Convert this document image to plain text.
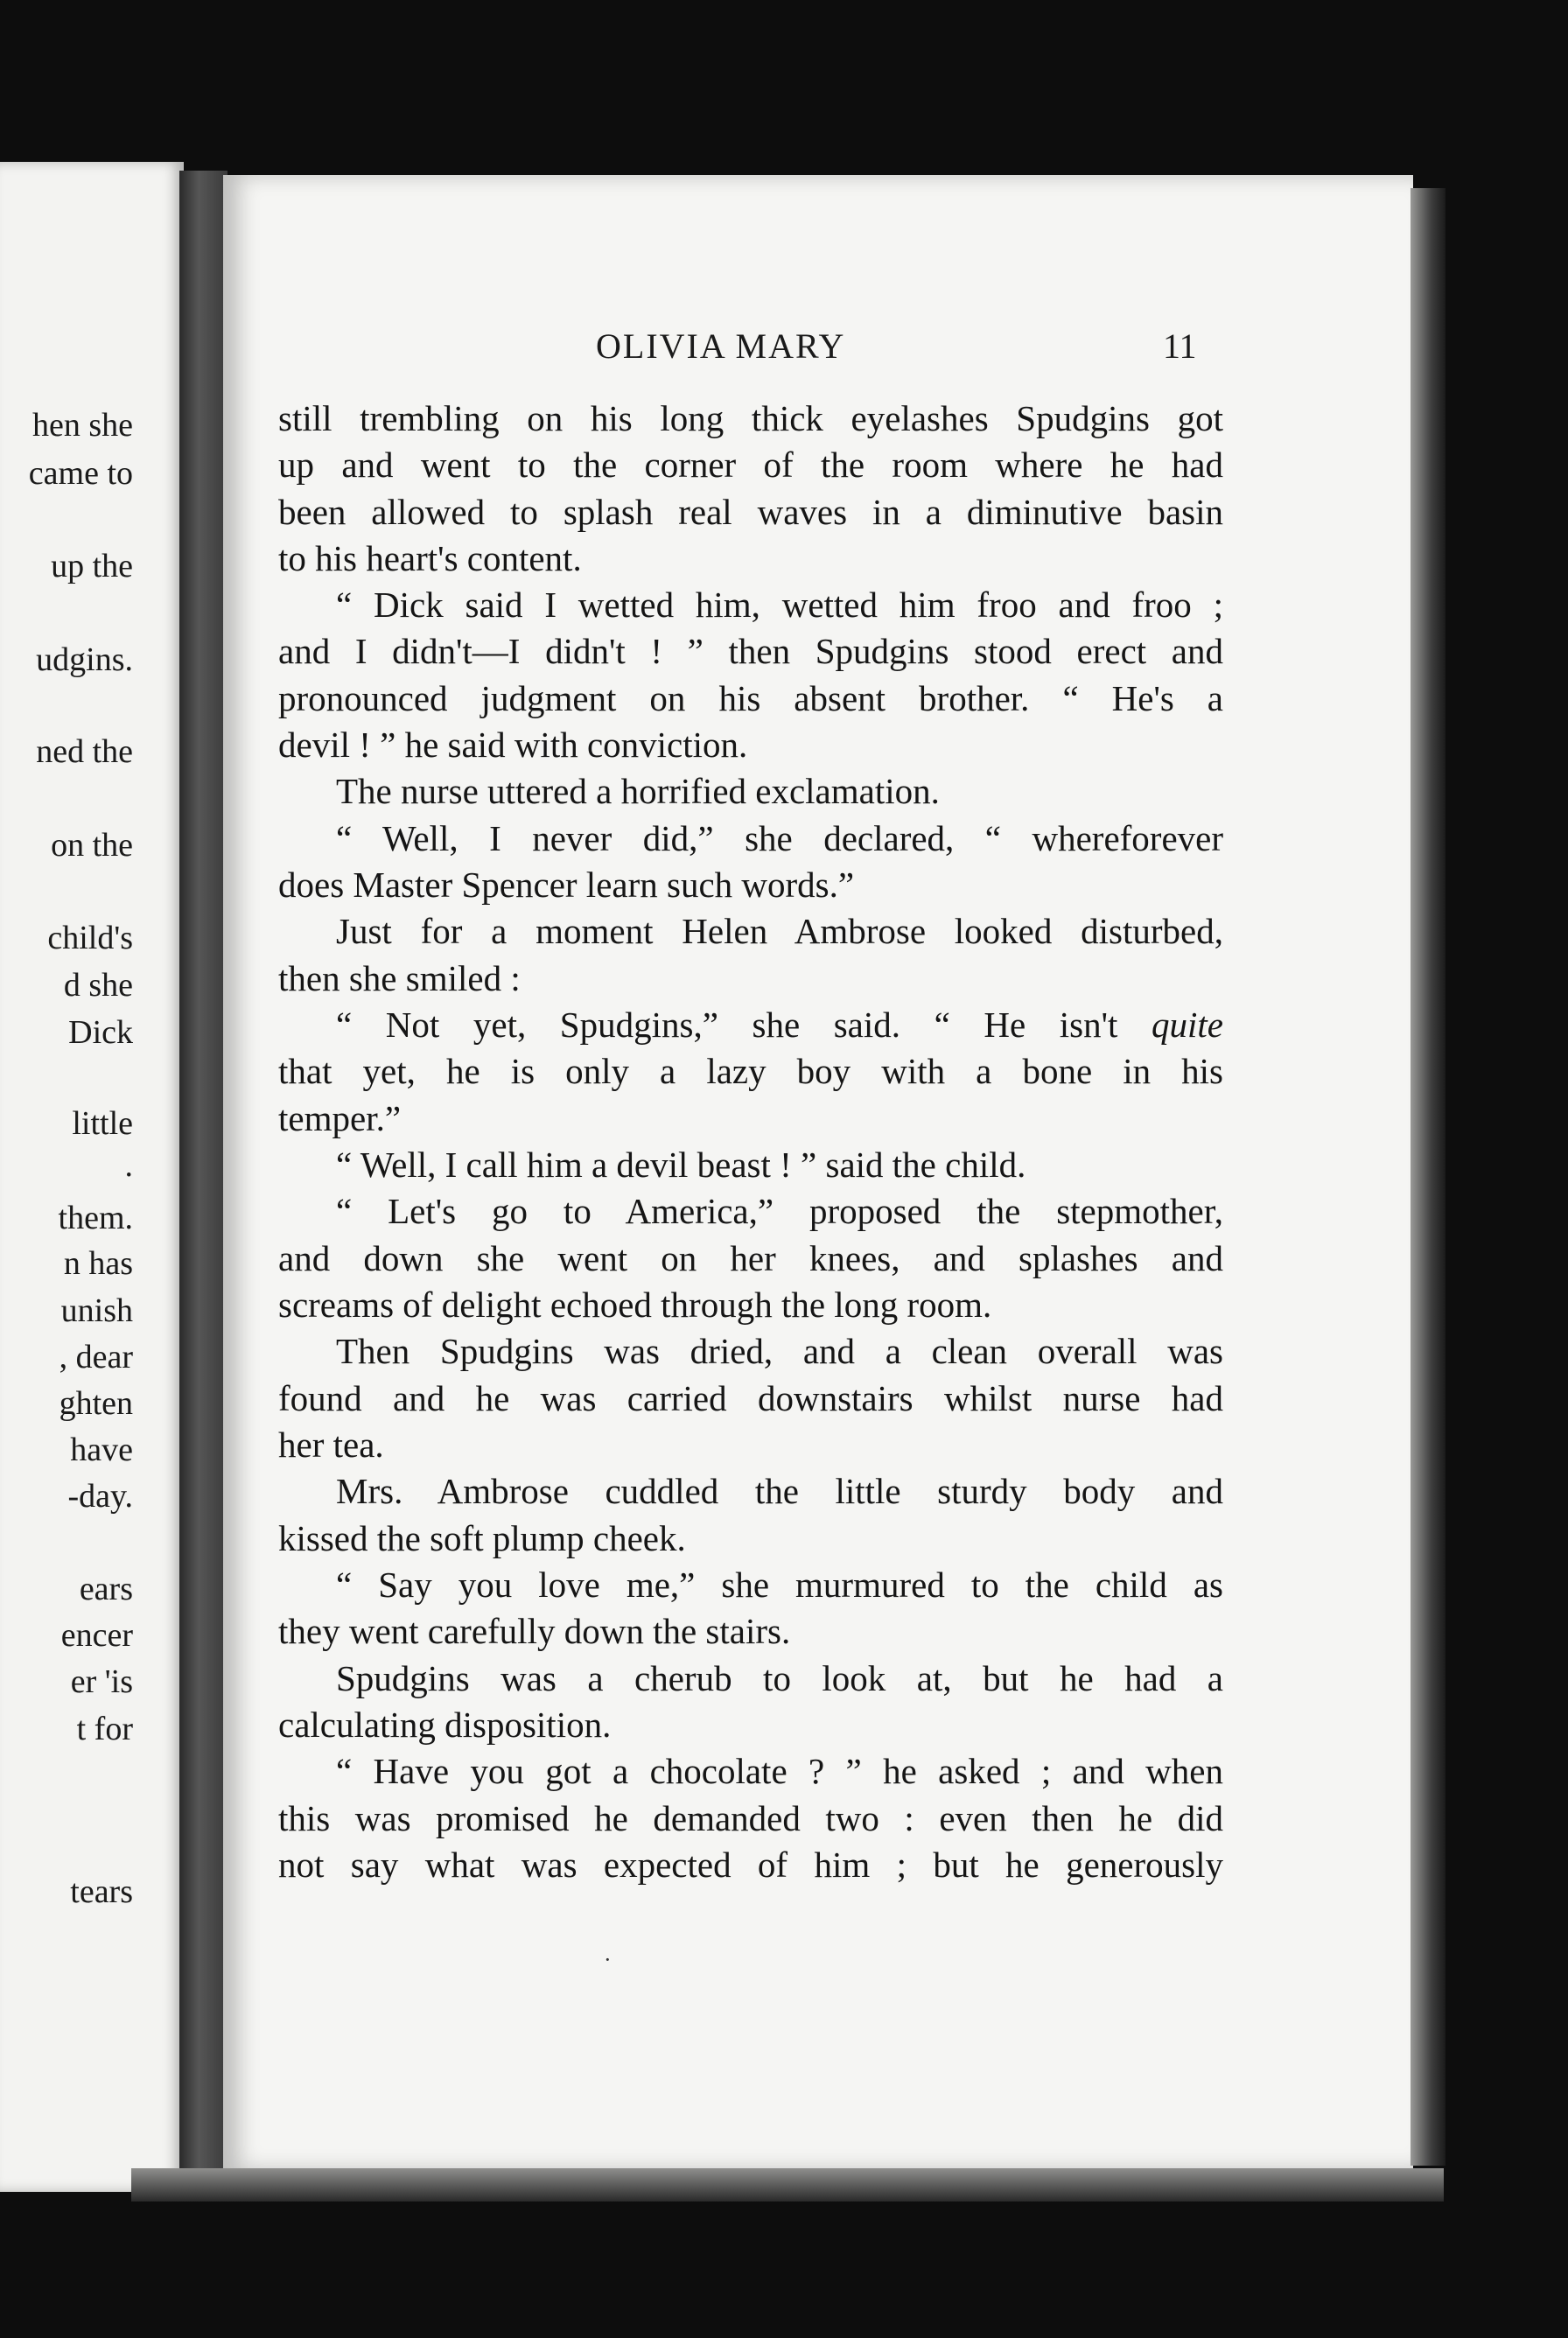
hen she
came to
up the
udgins.
ned the
on the
child's
d she
Dick
little
.
them.
n has
unish
, dear
ghten
have
-day.
ears
encer
er 'is
t for
tears
OLIVIA MARY	11
still trembling on his long thick eyelashes Spudgins got
up and went to the corner of the room where he had
been allowed to splash real waves in a diminutive basin
to his heart's content.
“ Dick said I wetted him, wetted him froo and froo ;
and I didn't—I didn't ! ” then Spudgins stood erect and
pronounced judgment on his absent brother. “ He's a
devil ! ” he said with conviction.
The nurse uttered a horrified exclamation.
“ Well, I never did,” she declared, “ whereforever
does Master Spencer learn such words.”
Just for a moment Helen Ambrose looked disturbed,
then she smiled :
“ Not yet, Spudgins,” she said. “ He isn't quite
that yet, he is only a lazy boy with a bone in his
temper.”
“ Well, I call him a devil beast ! ” said the child.
“ Let's go to America,” proposed the stepmother,
and down she went on her knees, and splashes and
screams of delight echoed through the long room.
Then Spudgins was dried, and a clean overall was
found and he was carried downstairs whilst nurse had
her tea.
Mrs. Ambrose cuddled the little sturdy body and
kissed the soft plump cheek.
“ Say you love me,” she murmured to the child as
they went carefully down the stairs.
Spudgins was a cherub to look at, but he had a
calculating disposition.
“ Have you got a chocolate ? ” he asked ; and when
this was promised he demanded two : even then he did
not say what was expected of him ; but he generously
·
